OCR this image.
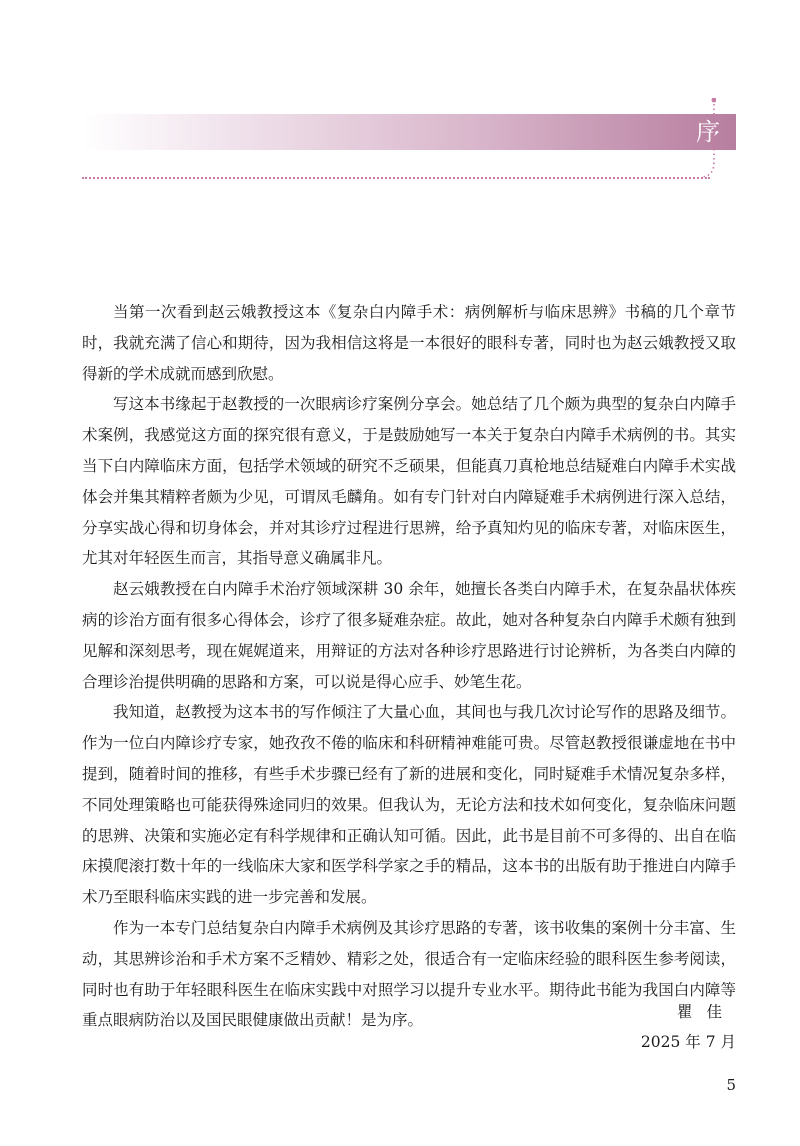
序

当第一次看到赵云娥教授这本《复杂白内障手术：病例解析与临床思辨》书稿的几个章节时，我就充满了信心和期待，因为我相信这将是一本很好的眼科专著，同时也为赵云娥教授又取得新的学术成就而感到欣慰。

写这本书缘起于赵教授的一次眼病诊疗案例分享会。她总结了几个颇为典型的复杂白内障手术案例，我感觉这方面的探究很有意义，于是鼓励她写一本关于复杂白内障手术病例的书。其实当下白内障临床方面，包括学术领域的研究不乏硕果，但能真刀真枪地总结疑难白内障手术实战体会并集其精粹者颇为少见，可谓凤毛麟角。如有专门针对白内障疑难手术病例进行深入总结，分享实战心得和切身体会，并对其诊疗过程进行思辨，给予真知灼见的临床专著，对临床医生，尤其对年轻医生而言，其指导意义确属非凡。

赵云娥教授在白内障手术治疗领域深耕 30 余年，她擅长各类白内障手术，在复杂晶状体疾病的诊治方面有很多心得体会，诊疗了很多疑难杂症。故此，她对各种复杂白内障手术颇有独到见解和深刻思考，现在娓娓道来，用辩证的方法对各种诊疗思路进行讨论辨析，为各类白内障的合理诊治提供明确的思路和方案，可以说是得心应手、妙笔生花。

我知道，赵教授为这本书的写作倾注了大量心血，其间也与我几次讨论写作的思路及细节。作为一位白内障诊疗专家，她孜孜不倦的临床和科研精神难能可贵。尽管赵教授很谦虚地在书中提到，随着时间的推移，有些手术步骤已经有了新的进展和变化，同时疑难手术情况复杂多样，不同处理策略也可能获得殊途同归的效果。但我认为，无论方法和技术如何变化，复杂临床问题的思辨、决策和实施必定有科学规律和正确认知可循。因此，此书是目前不可多得的、出自在临床摸爬滚打数十年的一线临床大家和医学科学家之手的精品，这本书的出版有助于推进白内障手术乃至眼科临床实践的进一步完善和发展。

作为一本专门总结复杂白内障手术病例及其诊疗思路的专著，该书收集的案例十分丰富、生动，其思辨诊治和手术方案不乏精妙、精彩之处，很适合有一定临床经验的眼科医生参考阅读，同时也有助于年轻眼科医生在临床实践中对照学习以提升专业水平。期待此书能为我国白内障等重点眼病防治以及国民眼健康做出贡献！是为序。	瞿佳
2025 年 7 月
5
